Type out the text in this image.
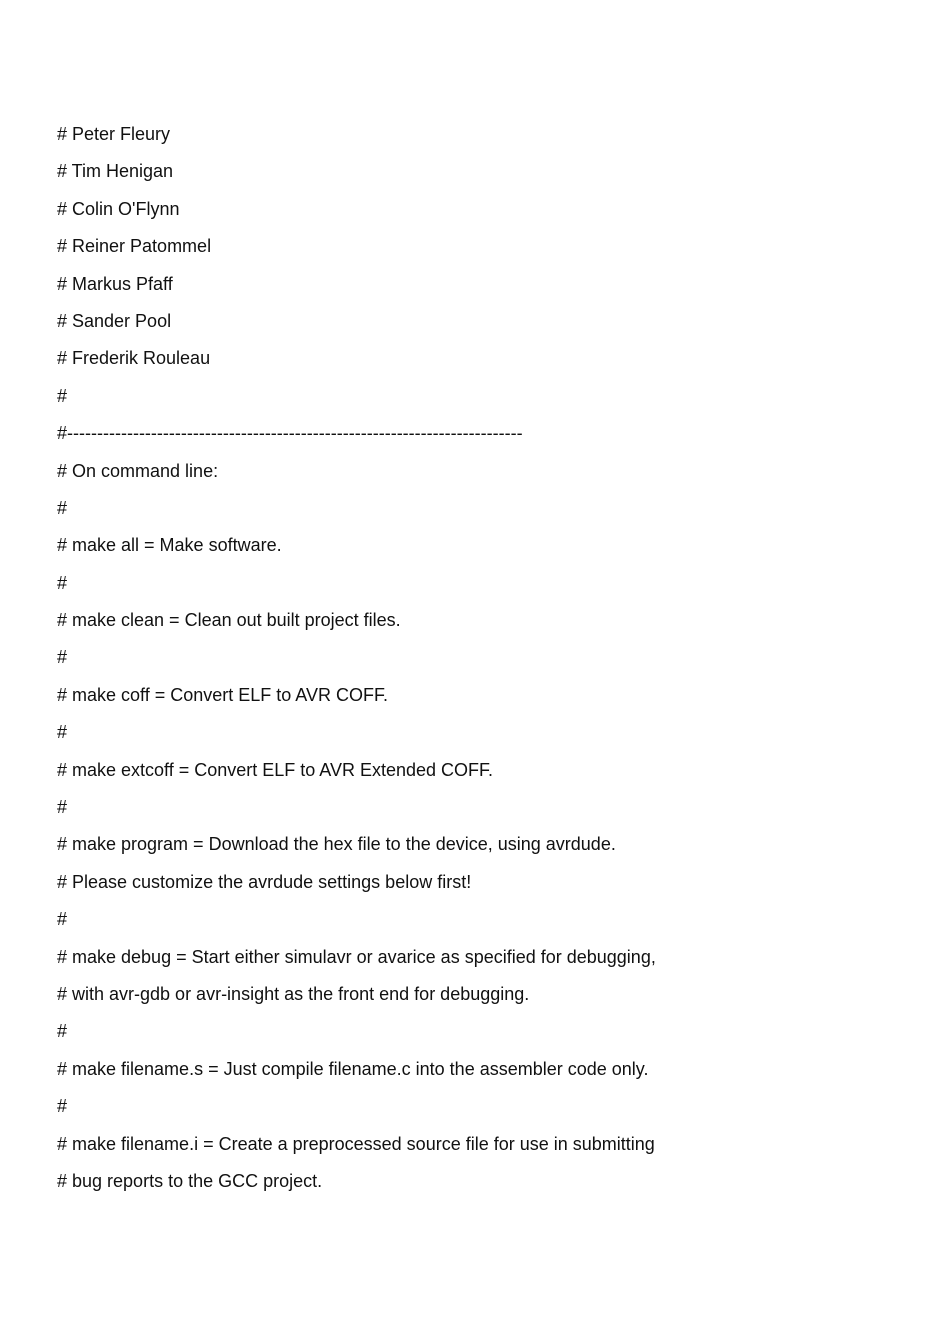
# Peter Fleury
# Tim Henigan
# Colin O'Flynn
# Reiner Patommel
# Markus Pfaff
# Sander Pool
# Frederik Rouleau
#
#----------------------------------------------------------------------------
# On command line:
#
# make all = Make software.
#
# make clean = Clean out built project files.
#
# make coff = Convert ELF to AVR COFF.
#
# make extcoff = Convert ELF to AVR Extended COFF.
#
# make program = Download the hex file to the device, using avrdude.
# Please customize the avrdude settings below first!
#
# make debug = Start either simulavr or avarice as specified for debugging,
# with avr-gdb or avr-insight as the front end for debugging.
#
# make filename.s = Just compile filename.c into the assembler code only.
#
# make filename.i = Create a preprocessed source file for use in submitting
# bug reports to the GCC project.
